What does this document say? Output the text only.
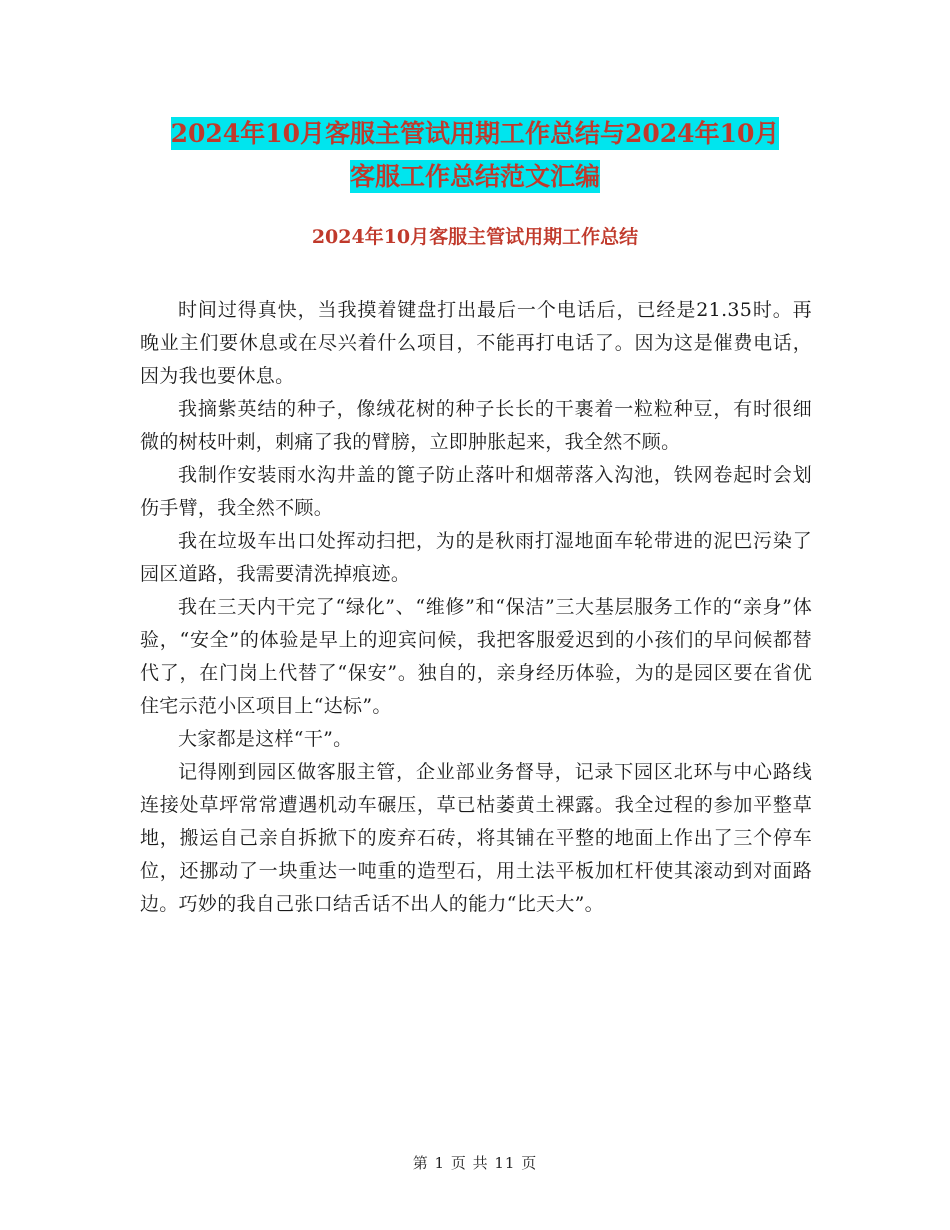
2024年10月客服主管试用期工作总结与2024年10月
客服工作总结范文汇编
2024年10月客服主管试用期工作总结

时间过得真快，当我摸着键盘打出最后一个电话后，已经是21.35时。再晚业主们要休息或在尽兴着什么项目，不能再打电话了。因为这是催费电话，因为我也要休息。

我摘紫英结的种子，像绒花树的种子长长的干裹着一粒粒种豆，有时很细微的树枝叶刺，刺痛了我的臂膀，立即肿胀起来，我全然不顾。

我制作安装雨水沟井盖的篦子防止落叶和烟蒂落入沟池，铁网卷起时会划伤手臂，我全然不顾。

我在垃圾车出口处挥动扫把，为的是秋雨打湿地面车轮带进的泥巴污染了园区道路，我需要清洗掉痕迹。

我在三天内干完了“绿化”、“维修”和“保洁”三大基层服务工作的“亲身”体验，“安全”的体验是早上的迎宾问候，我把客服爱迟到的小孩们的早问候都替代了，在门岗上代替了“保安”。独自的，亲身经历体验，为的是园区要在省优住宅示范小区项目上“达标”。

大家都是这样“干”。

记得刚到园区做客服主管，企业部业务督导，记录下园区北环与中心路线连接处草坪常常遭遇机动车碾压，草已枯萎黄土裸露。我全过程的参加平整草地，搬运自己亲自拆掀下的废弃石砖，将其铺在平整的地面上作出了三个停车位，还挪动了一块重达一吨重的造型石，用土法平板加杠杆使其滚动到对面路边。巧妙的我自己张口结舌话不出人的能力“比天大”。

第 1 页 共 11 页
